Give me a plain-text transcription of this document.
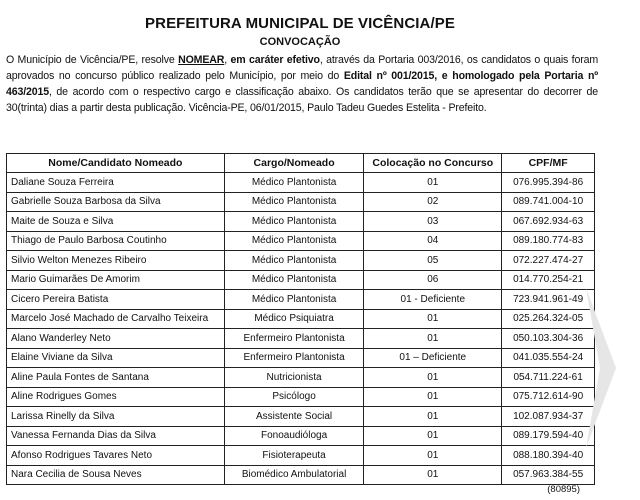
PREFEITURA MUNICIPAL DE VICÊNCIA/PE
CONVOCAÇÃO
O Município de Vicência/PE, resolve NOMEAR, em caráter efetivo, através da Portaria 003/2016, os candidatos o quais foram aprovados no concurso público realizado pelo Município, por meio do Edital nº 001/2015, e homologado pela Portaria nº 463/2015, de acordo com o respectivo cargo e classificação abaixo. Os candidatos terão que se apresentar do decorrer de 30(trinta) dias a partir desta publicação. Vicência-PE, 06/01/2015, Paulo Tadeu Guedes Estelita - Prefeito.
Nome/Candidato Nomeado	Cargo/Nomeado	Colocação no Concurso	CPF/MF
Daliane Souza Ferreira	Médico Plantonista	01	076.995.394-86
Gabrielle Souza Barbosa da Silva	Médico Plantonista	02	089.741.004-10
Maite de Souza e Silva	Médico Plantonista	03	067.692.934-63
Thiago de Paulo Barbosa Coutinho	Médico Plantonista	04	089.180.774-83
Silvio Welton Menezes Ribeiro	Médico Plantonista	05	072.227.474-27
Mario Guimarães De Amorim	Médico Plantonista	06	014.770.254-21
Cicero Pereira Batista	Médico Plantonista	01 - Deficiente	723.941.961-49
Marcelo José Machado de Carvalho Teixeira	Médico Psiquiatra	01	025.264.324-05
Alano Wanderley Neto	Enfermeiro Plantonista	01	050.103.304-36
Elaine Viviane da Silva	Enfermeiro Plantonista	01 – Deficiente	041.035.554-24
Aline Paula Fontes de Santana	Nutricionista	01	054.711.224-61
Aline Rodrigues Gomes	Psicólogo	01	075.712.614-90
Larissa Rinelly da Silva	Assistente Social	01	102.087.934-37
Vanessa Fernanda Dias da Silva	Fonoaudióloga	01	089.179.594-40
Afonso Rodrigues Tavares Neto	Fisioterapeuta	01	088.180.394-40
Nara Cecilia de Sousa Neves	Biomédico Ambulatorial	01	057.963.384-55
(80895)
